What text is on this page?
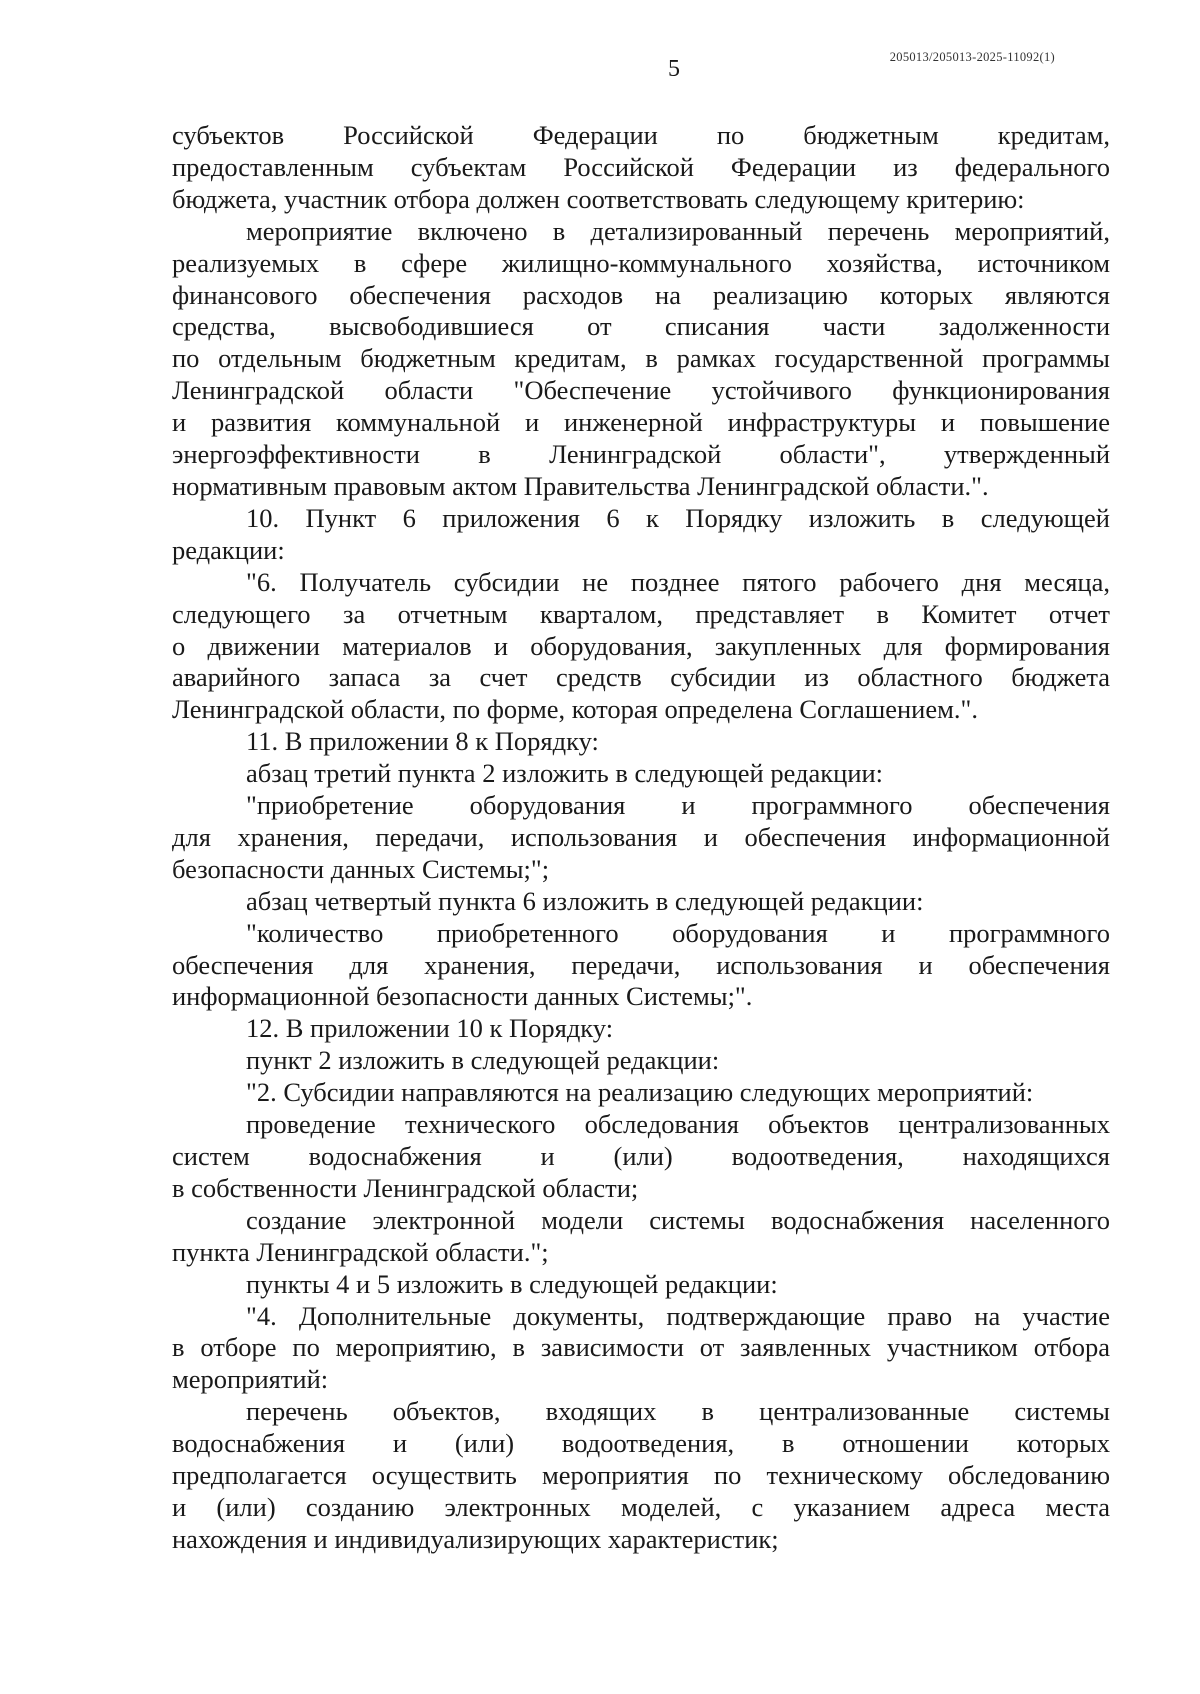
205013/205013-2025-11092(1)
5

субъектов Российской Федерации по бюджетным кредитам,

предоставленным субъектам Российской Федерации из федерального

бюджета, участник отбора должен соответствовать следующему критерию:

мероприятие включено в детализированный перечень мероприятий,

реализуемых в сфере жилищно-коммунального хозяйства, источником

финансового обеспечения расходов на реализацию которых являются

средства, высвободившиеся от списания части задолженности

по отдельным бюджетным кредитам, в рамках государственной программы

Ленинградской области "Обеспечение устойчивого функционирования

и развития коммунальной и инженерной инфраструктуры и повышение

энергоэффективности в Ленинградской области", утвержденный

нормативным правовым актом Правительства Ленинградской области.".

10. Пункт 6 приложения 6 к Порядку изложить в следующей

редакции:

"6. Получатель субсидии не позднее пятого рабочего дня месяца,

следующего за отчетным кварталом, представляет в Комитет отчет

о движении материалов и оборудования, закупленных для формирования

аварийного запаса за счет средств субсидии из областного бюджета

Ленинградской области, по форме, которая определена Соглашением.".

11. В приложении 8 к Порядку:

абзац третий пункта 2 изложить в следующей редакции:

"приобретение оборудования и программного обеспечения

для хранения, передачи, использования и обеспечения информационной

безопасности данных Системы;";

абзац четвертый пункта 6 изложить в следующей редакции:

"количество приобретенного оборудования и программного

обеспечения для хранения, передачи, использования и обеспечения

информационной безопасности данных Системы;".

12. В приложении 10 к Порядку:

пункт 2 изложить в следующей редакции:

"2. Субсидии направляются на реализацию следующих мероприятий:

проведение технического обследования объектов централизованных

систем водоснабжения и (или) водоотведения, находящихся

в собственности Ленинградской области;

создание электронной модели системы водоснабжения населенного

пункта Ленинградской области.";

пункты 4 и 5 изложить в следующей редакции:

"4. Дополнительные документы, подтверждающие право на участие

в отборе по мероприятию, в зависимости от заявленных участником отбора

мероприятий:

перечень объектов, входящих в централизованные системы

водоснабжения и (или) водоотведения, в отношении которых

предполагается осуществить мероприятия по техническому обследованию

и (или) созданию электронных моделей, с указанием адреса места

нахождения и индивидуализирующих характеристик;
